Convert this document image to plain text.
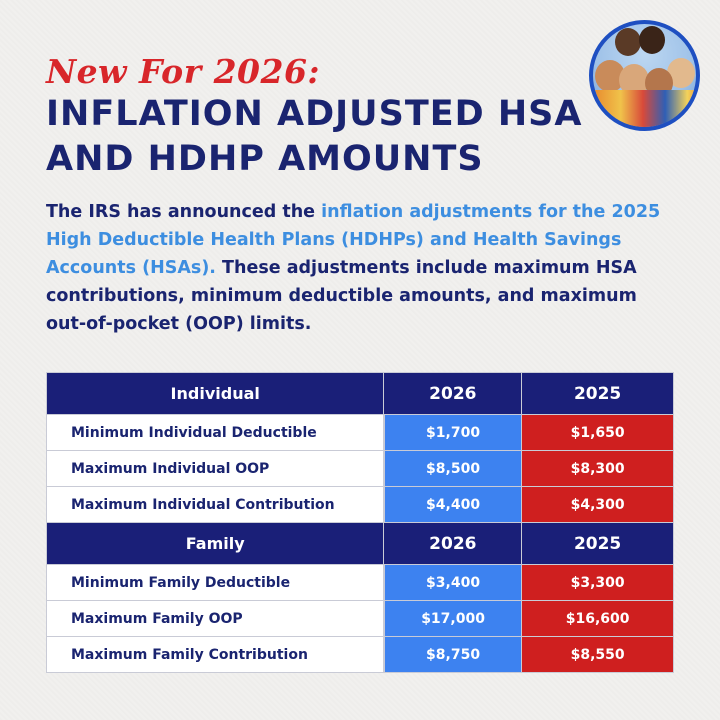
New For 2026:
INFLATION ADJUSTED HSA
AND HDHP AMOUNTS

The IRS has announced the inflation adjustments for the 2025 High Deductible Health Plans (HDHPs) and Health Savings Accounts (HSAs). These adjustments include maximum HSA contributions, minimum deductible amounts, and maximum out-of-pocket (OOP) limits.

Individual	2026	2025
Minimum Individual Deductible	$1,700	$1,650
Maximum Individual OOP	$8,500	$8,300
Maximum Individual Contribution	$4,400	$4,300
Family	2026	2025
Minimum Family Deductible	$3,400	$3,300
Maximum Family OOP	$17,000	$16,600
Maximum Family Contribution	$8,750	$8,550
